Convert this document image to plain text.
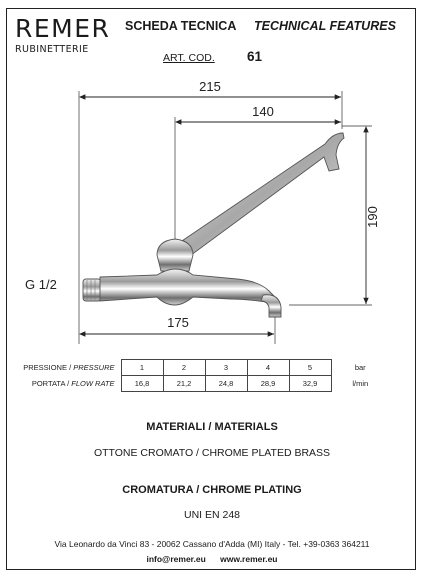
REMER
RUBINETTERIE
SCHEDA TECNICA TECHNICAL FEATURES
ART. COD. 61
215
140
190
175
G 1/2
PRESSIONE / PRESSURE	1	2	3	4	5	bar
PORTATA / FLOW RATE	16,8	21,2	24,8	28,9	32,9	l/min
MATERIALI / MATERIALS
OTTONE CROMATO / CHROME PLATED BRASS
CROMATURA / CHROME PLATING
UNI EN 248
Via Leonardo da Vinci 83 - 20062 Cassano d'Adda (MI) Italy - Tel. +39-0363 364211
info@remer.eu www.remer.eu
